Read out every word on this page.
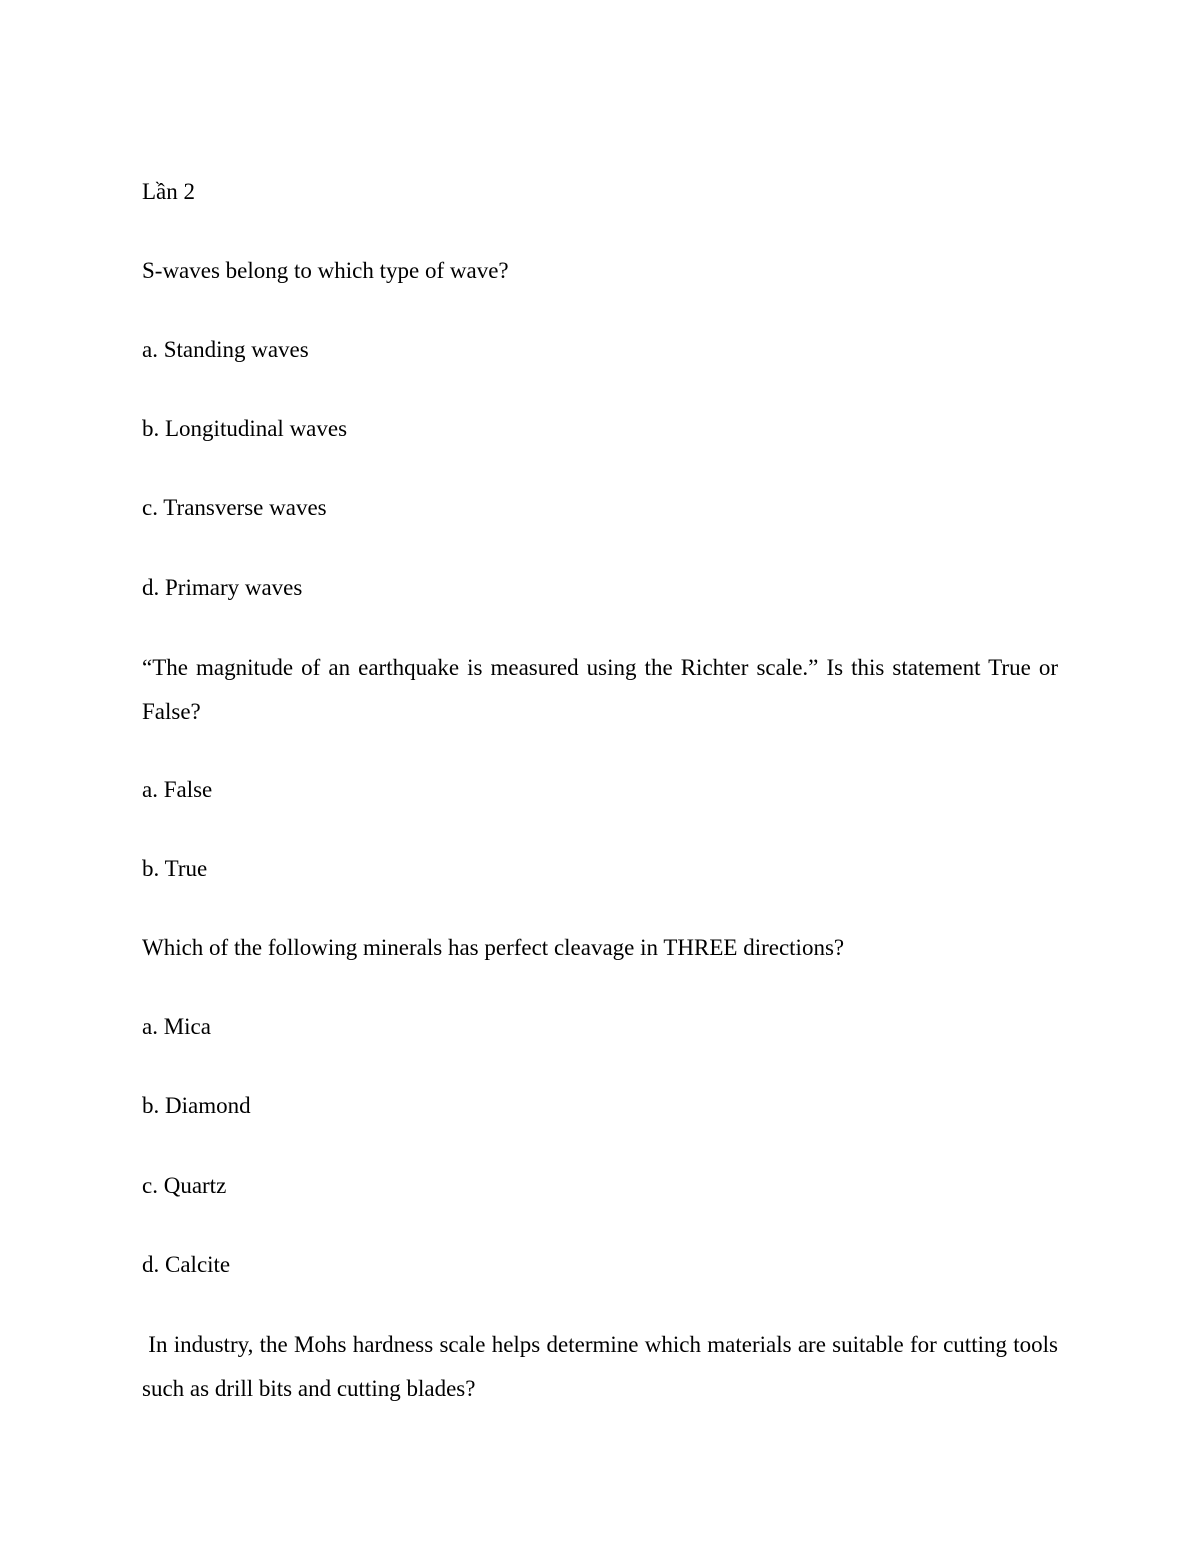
Lần 2

S-waves belong to which type of wave?

a. Standing waves

b. Longitudinal waves

c. Transverse waves

d. Primary waves

“The magnitude of an earthquake is measured using the Richter scale.” Is this statement True or False?

a. False

b. True

Which of the following minerals has perfect cleavage in THREE directions?

a. Mica

b. Diamond

c. Quartz

d. Calcite

In industry, the Mohs hardness scale helps determine which materials are suitable for cutting tools such as drill bits and cutting blades?
